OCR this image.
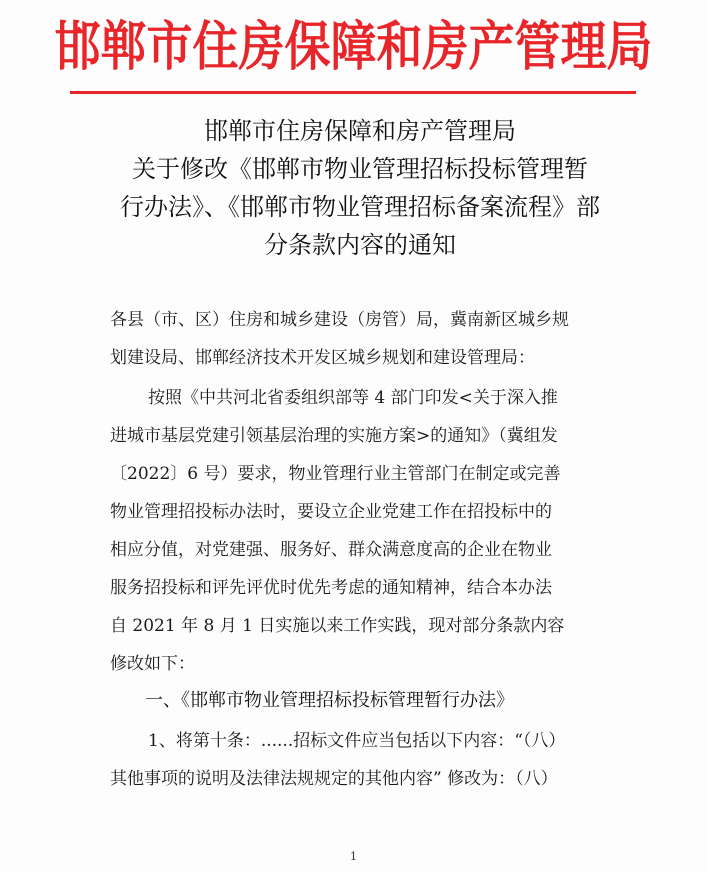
邯郸市住房保障和房产管理局
邯郸市住房保障和房产管理局
关于修改《邯郸市物业管理招标投标管理暂
行办法》、《邯郸市物业管理招标备案流程》部
分条款内容的通知
各县（市、区）住房和城乡建设（房管）局，冀南新区城乡规
划建设局、邯郸经济技术开发区城乡规划和建设管理局：
按照《中共河北省委组织部等 4 部门印发<关于深入推
进城市基层党建引领基层治理的实施方案>的通知》（冀组发
〔2022〕6 号）要求，物业管理行业主管部门在制定或完善
物业管理招投标办法时，要设立企业党建工作在招投标中的
相应分值，对党建强、服务好、群众满意度高的企业在物业
服务招投标和评先评优时优先考虑的通知精神，结合本办法
自 2021 年 8 月 1 日实施以来工作实践，现对部分条款内容
修改如下：
一、《邯郸市物业管理招标投标管理暂行办法》
1、将第十条：......招标文件应当包括以下内容：“（八）
其他事项的说明及法律法规规定的其他内容” 修改为：（八）
1
